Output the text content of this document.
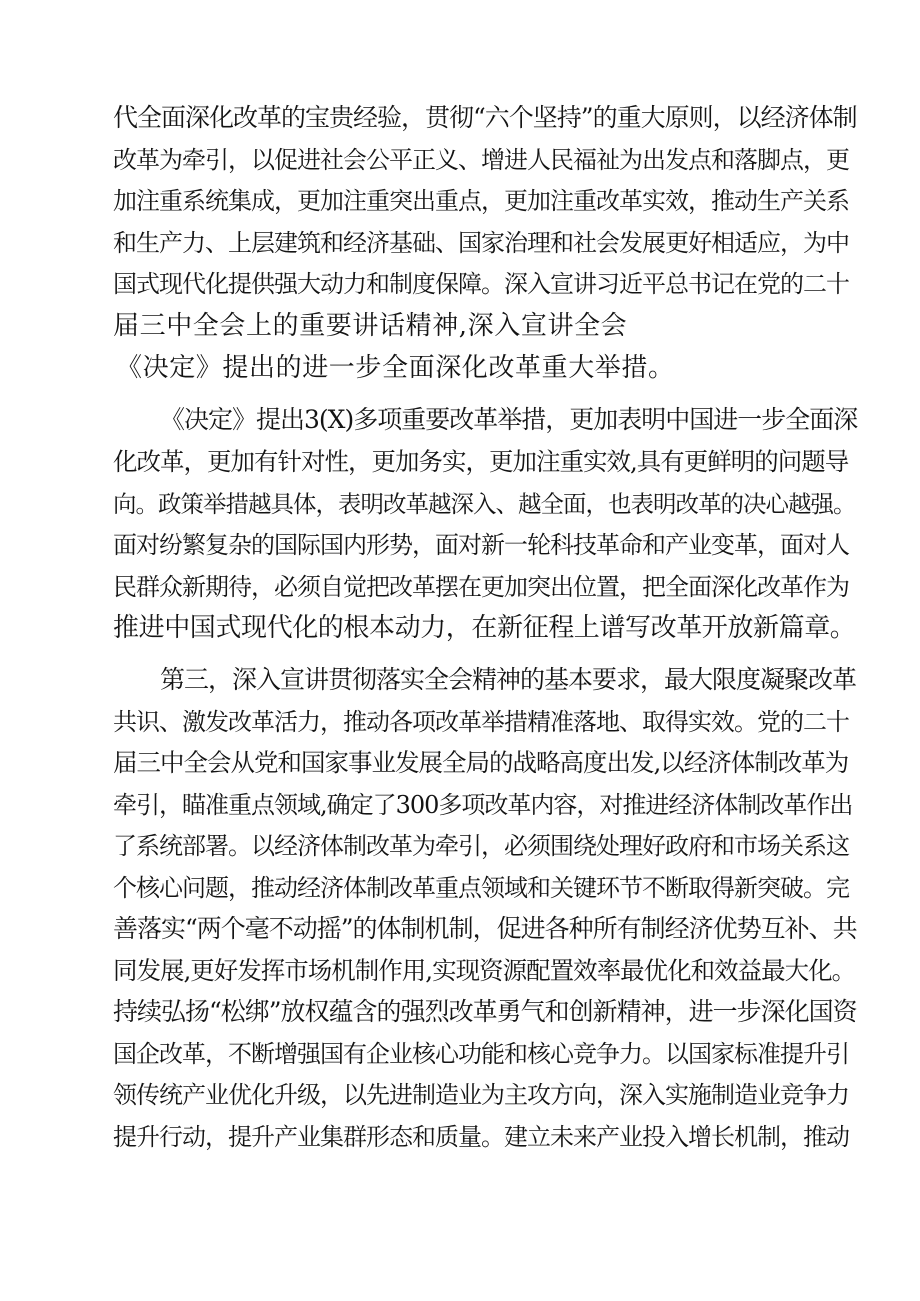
代全面深化改革的宝贵经验，贯彻“六个坚持”的重大原则，以经济体制
改革为牵引，以促进社会公平正义、增进人民福祉为出发点和落脚点，更
加注重系统集成，更加注重突出重点，更加注重改革实效，推动生产关系
和生产力、上层建筑和经济基础、国家治理和社会发展更好相适应，为中
国式现代化提供强大动力和制度保障。深入宣讲习近平总书记在党的二十
届三中全会上的重要讲话精神,深入宣讲全会
《决定》提出的进一步全面深化改革重大举措。
《决定》提出3(X)多项重要改革举措，更加表明中国进一步全面深
化改革，更加有针对性，更加务实，更加注重实效,具有更鲜明的问题导
向。政策举措越具体，表明改革越深入、越全面，也表明改革的决心越强。
面对纷繁复杂的国际国内形势，面对新一轮科技革命和产业变革，面对人
民群众新期待，必须自觉把改革摆在更加突出位置，把全面深化改革作为
推进中国式现代化的根本动力，在新征程上谱写改革开放新篇章。
第三，深入宣讲贯彻落实全会精神的基本要求，最大限度凝聚改革
共识、激发改革活力，推动各项改革举措精准落地、取得实效。党的二十
届三中全会从党和国家事业发展全局的战略高度出发,以经济体制改革为
牵引，瞄准重点领域,确定了300多项改革内容，对推进经济体制改革作出
了系统部署。以经济体制改革为牵引，必须围绕处理好政府和市场关系这
个核心问题，推动经济体制改革重点领域和关键环节不断取得新突破。完
善落实“两个毫不动摇”的体制机制，促进各种所有制经济优势互补、共
同发展,更好发挥市场机制作用,实现资源配置效率最优化和效益最大化。
持续弘扬“松绑”放权蕴含的强烈改革勇气和创新精神，进一步深化国资
国企改革，不断增强国有企业核心功能和核心竞争力。以国家标准提升引
领传统产业优化升级，以先进制造业为主攻方向，深入实施制造业竞争力
提升行动，提升产业集群形态和质量。建立未来产业投入增长机制，推动
